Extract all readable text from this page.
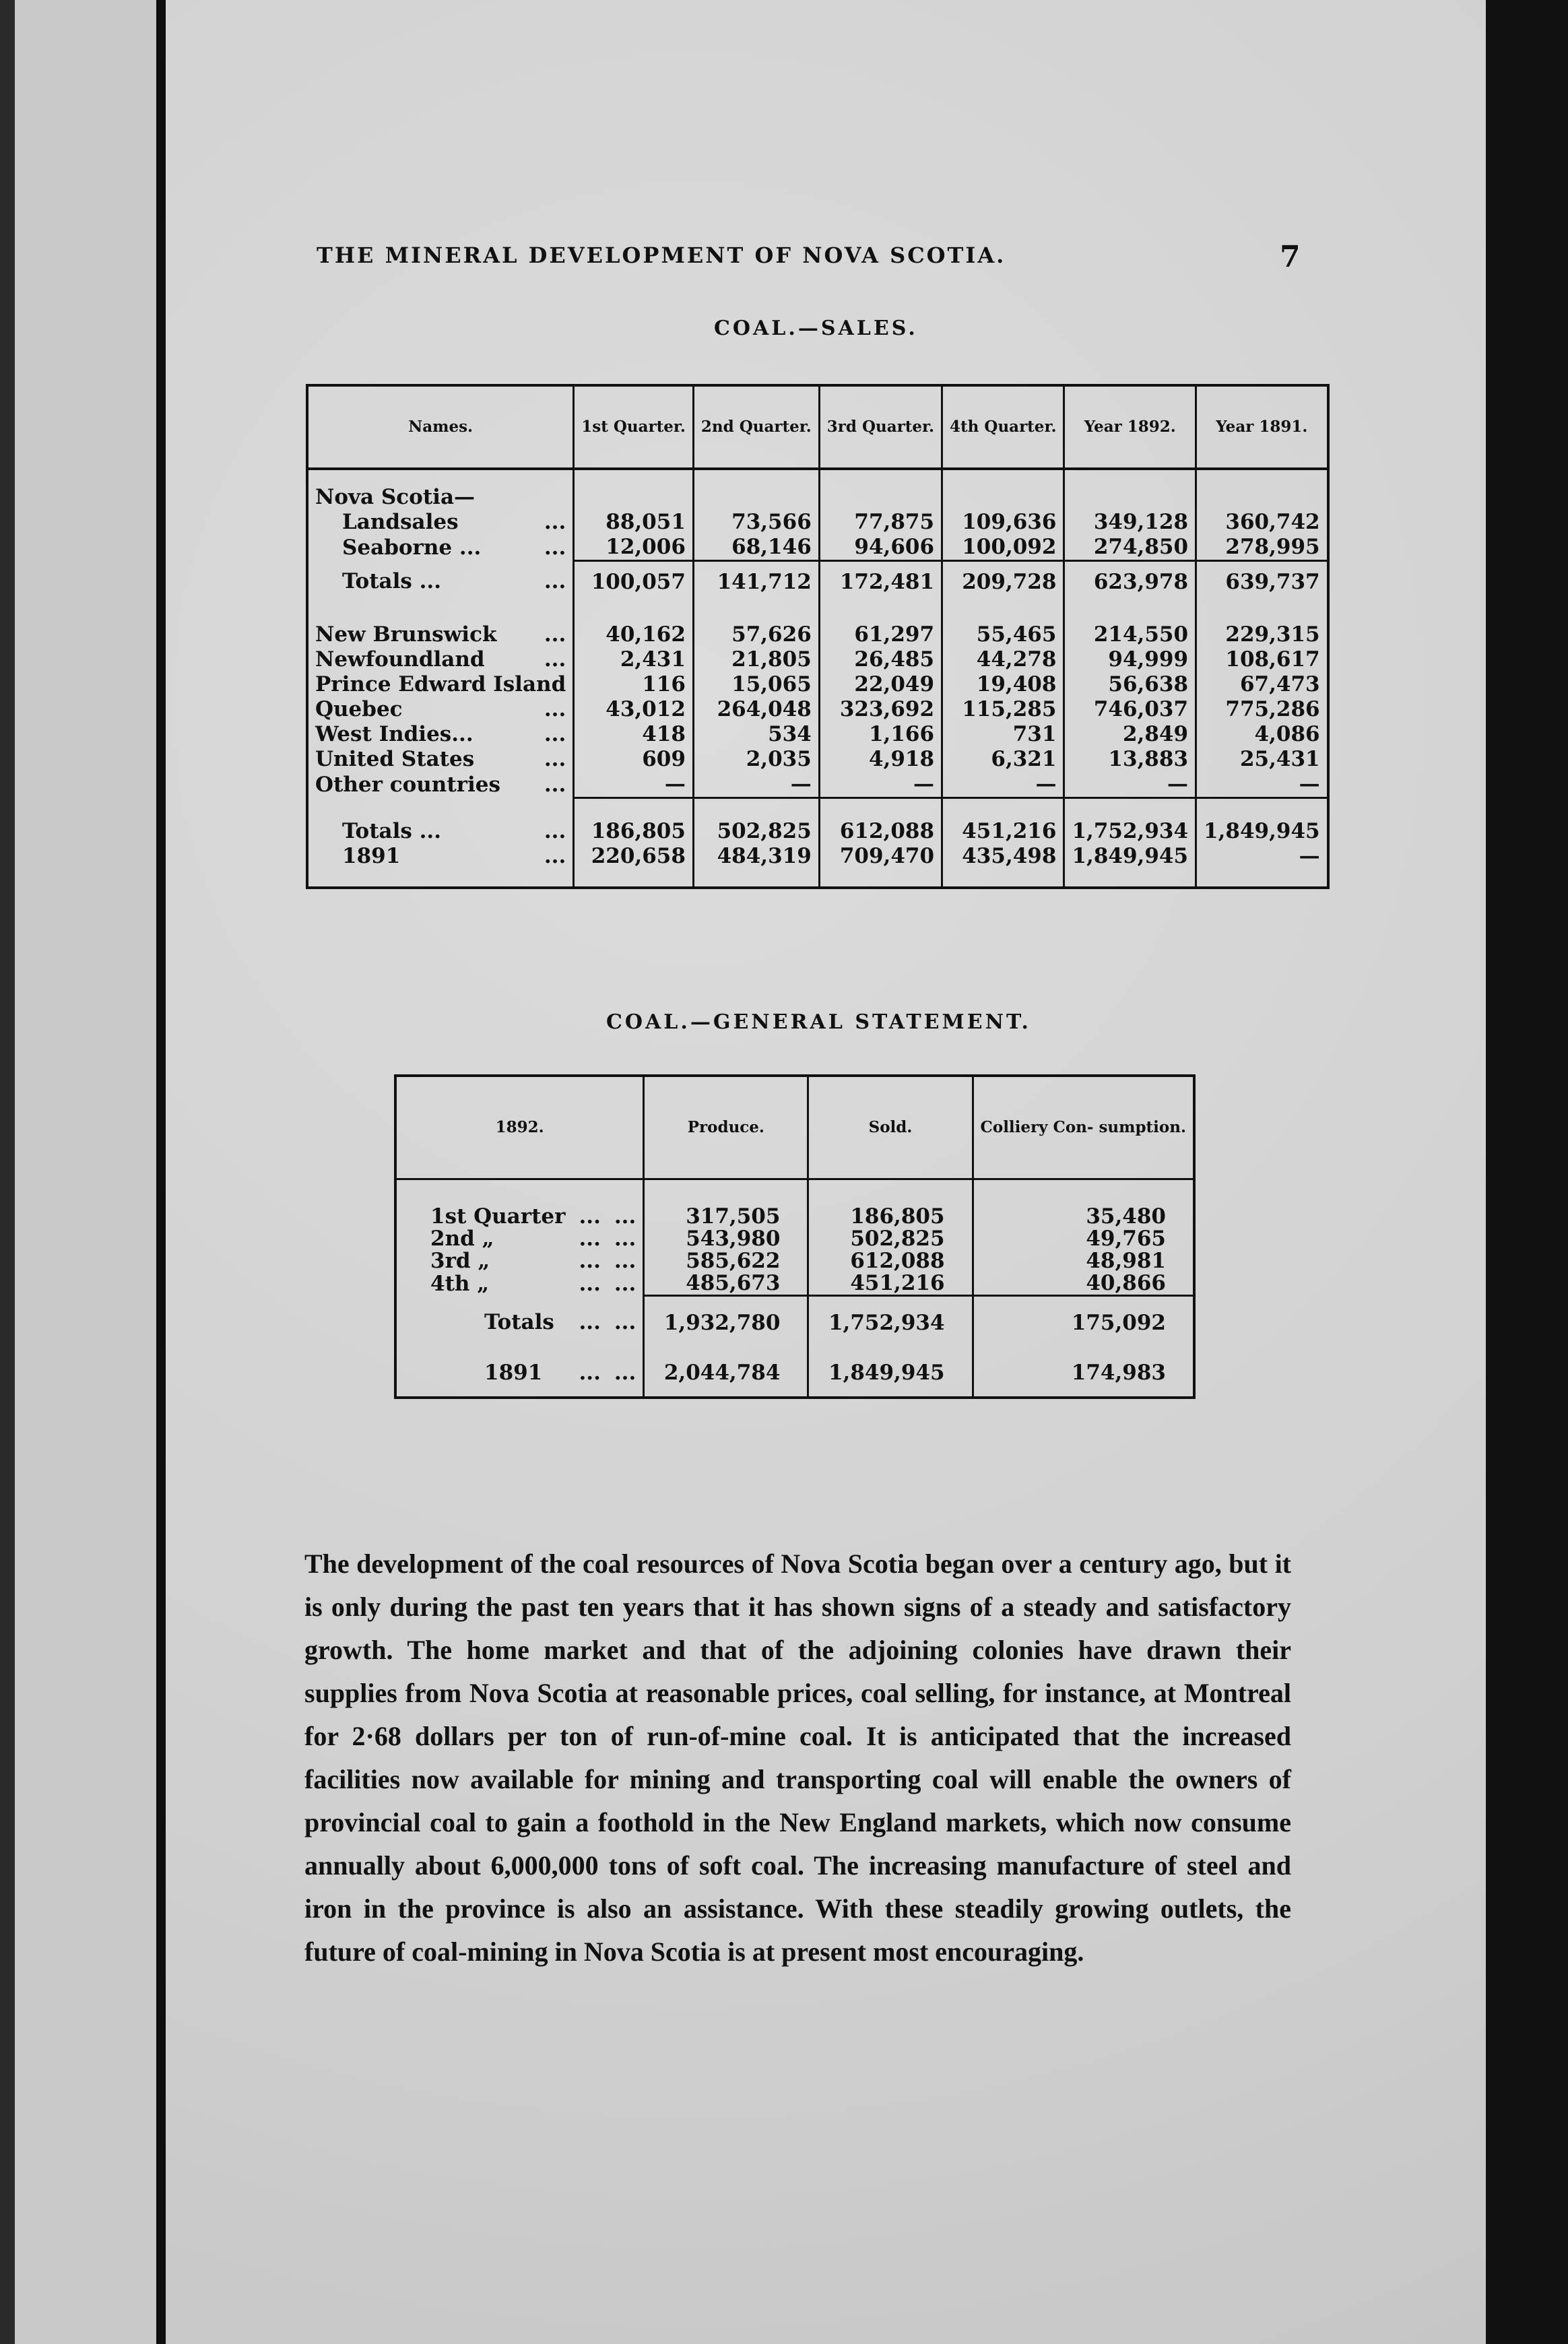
THE MINERAL DEVELOPMENT OF NOVA SCOTIA.	7
COAL.—SALES.
Names.	1st Quarter.	2nd Quarter.	3rd Quarter.	4th Quarter.	Year 1892.	Year 1891.

Nova Scotia—						
Landsales ...	88,051	73,566	77,875	109,636	349,128	360,742
Seaborne ... ...	12,006	68,146	94,606	100,092	274,850	278,995
Totals ... ...	100,057	141,712	172,481	209,728	623,978	639,737

New Brunswick ...	40,162	57,626	61,297	55,465	214,550	229,315
Newfoundland ...	2,431	21,805	26,485	44,278	94,999	108,617
Prince Edward Island	116	15,065	22,049	19,408	56,638	67,473
Quebec ...	43,012	264,048	323,692	115,285	746,037	775,286
West Indies... ...	418	534	1,166	731	2,849	4,086
United States ...	609	2,035	4,918	6,321	13,883	25,431
Other countries ...	—	—	—	—	—	—

Totals ... ...	186,805	502,825	612,088	451,216	1,752,934	1,849,945
1891 ...	220,658	484,319	709,470	435,498	1,849,945	—

COAL.—GENERAL STATEMENT.
1892.			Produce.	Sold.	Colliery Con- sumption.

1st Quarter	...	...	317,505	186,805	35,480
2nd „	...	...	543,980	502,825	49,765
3rd „	...	...	585,622	612,088	48,981
4th „	...	...	485,673	451,216	40,866
Totals	...	...	1,932,780	1,752,934	175,092
1891	...	...	2,044,784	1,849,945	174,983

The development of the coal resources of Nova Scotia began over a century ago, but it is only during the past ten years that it has shown signs of a steady and satisfactory growth. The home market and that of the adjoining colonies have drawn their supplies from Nova Scotia at reasonable prices, coal selling, for instance, at Montreal for 2·68 dollars per ton of run-of-mine coal. It is anticipated that the increased facilities now available for mining and transporting coal will enable the owners of provincial coal to gain a foothold in the New England markets, which now consume annually about 6,000,000 tons of soft coal. The increasing manufacture of steel and iron in the province is also an assistance. With these steadily growing outlets, the future of coal-mining in Nova Scotia is at present most encouraging.
